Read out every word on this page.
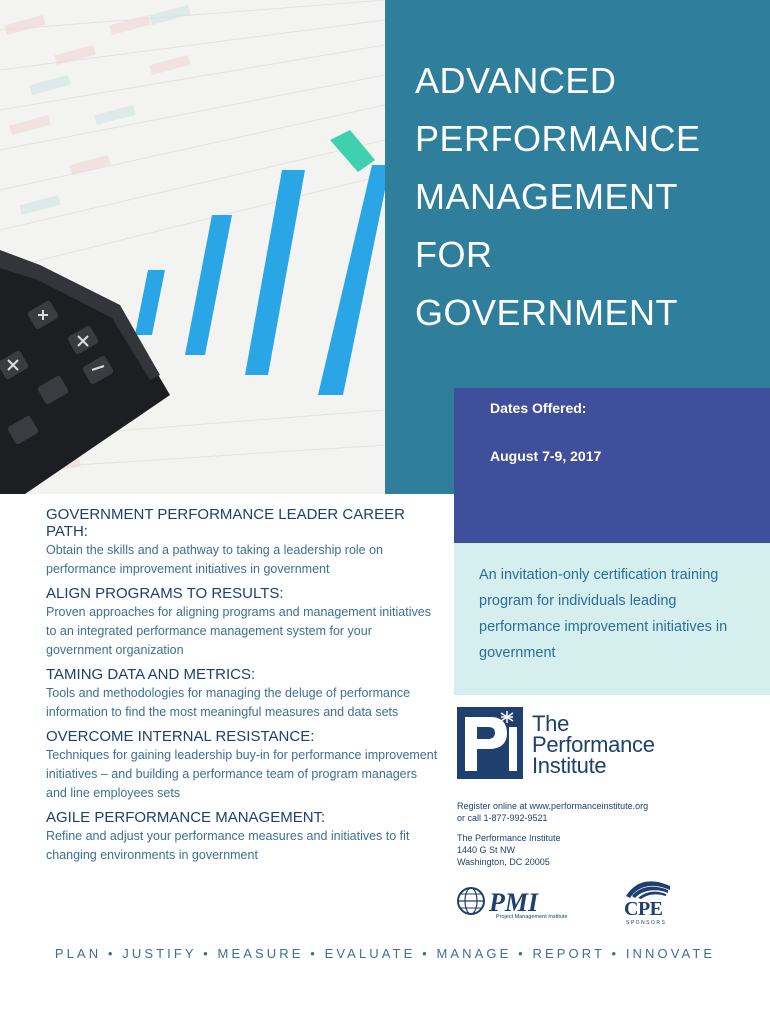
ADVANCED
PERFORMANCE
MANAGEMENT
FOR
GOVERNMENT
Dates Offered:
August 7-9, 2017

An invitation-only certification training program for individuals leading performance improvement initiatives in government

GOVERNMENT PERFORMANCE LEADER CAREER PATH:

Obtain the skills and a pathway to taking a leadership role on performance improvement initiatives in government

ALIGN PROGRAMS TO RESULTS:

Proven approaches for aligning programs and management initiatives to an integrated performance management system for your government organization

TAMING DATA AND METRICS:

Tools and methodologies for managing the deluge of performance information to find the most meaningful measures and data sets

OVERCOME INTERNAL RESISTANCE:

Techniques for gaining leadership buy-in for performance improvement initiatives – and building a performance team of program managers and line employees sets

AGILE PERFORMANCE MANAGEMENT:

Refine and adjust your performance measures and initiatives to fit changing environments in government

The
Performance
Institute
Register online at www.performanceinstitute.org
or call 1-877-992-9521
The Performance Institute
1440 G St NW
Washington, DC 20005
PMI
Project Management Institute	CPE
SPONSORS
PLAN • JUSTIFY • MEASURE • EVALUATE • MANAGE • REPORT • INNOVATE
